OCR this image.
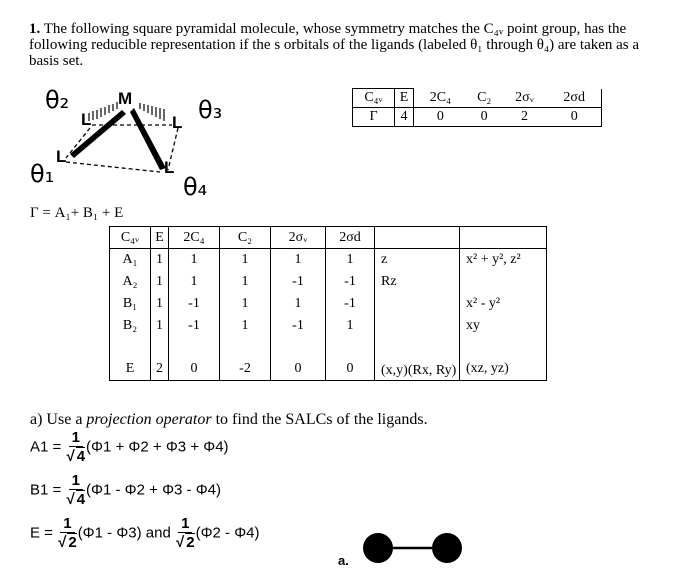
1. The following square pyramidal molecule, whose symmetry matches the C₄ᵥ point group, has the following reducible representation if the s orbitals of the ligands (labeled θ₁ through θ₄) are taken as a basis set.
θ₂	θ₃
θ₁	θ₄
M
L	L
L
L
C₄ᵥ	E	2C₄	C₂	2σᵥ	2σd
Γ	4	0	0	2	0
Γ = A₁+ B₁ + E
C₄ᵥ	E	2C₄	C₂	2σᵥ	2σd		
A₁	1	1	1	1	1	z	x² + y², z²
A₂	1	1	1	-1	-1	Rz	
B₁	1	-1	1	1	-1		x² - y²
B₂	1	-1	1	-1	1		xy
E	2	0	-2	0	0	(x,y)(Rx, Ry)	(xz, yz)
a) Use a projection operator to find the SALCs of the ligands.
$A1 = \frac{1}{√ 4} (\Phi 1 + \Phi 2 + \Phi 3 + \Phi 4)$
$B1 = \frac{1}{√ 4} (\Phi 1 - \Phi 2 + \Phi 3 - \Phi 4)$
$E = \frac{1}{√ 2} (\Phi 1 - \Phi 3)$ and $\frac{1}{√ 2} (\Phi 2 - \Phi 4)$
a.
